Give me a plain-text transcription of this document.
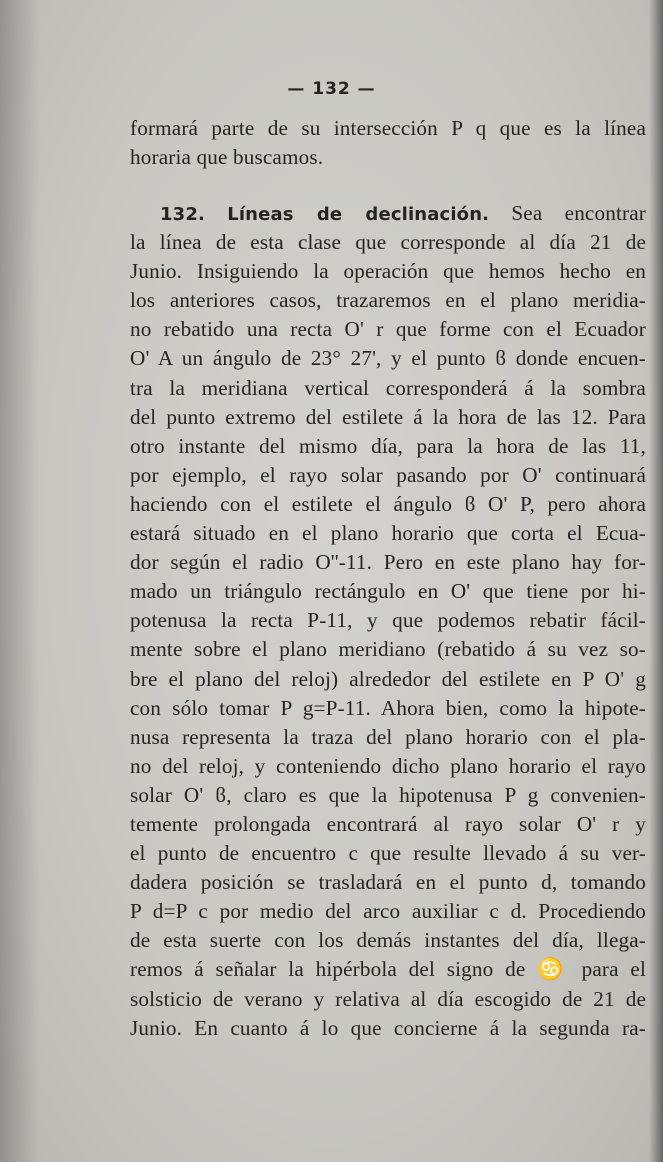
— 132 —
formará parte de su intersección P q que es la línea
horaria que buscamos.
132. Líneas de declinación. Sea encontrar
la línea de esta clase que corresponde al día 21 de
Junio. Insiguiendo la operación que hemos hecho en
los anteriores casos, trazaremos en el plano meridia-
no rebatido una recta O' r que forme con el Ecuador
O' A un ángulo de 23° 27', y el punto ϐ donde encuen-
tra la meridiana vertical corresponderá á la sombra
del punto extremo del estilete á la hora de las 12. Para
otro instante del mismo día, para la hora de las 11,
por ejemplo, el rayo solar pasando por O' continuará
haciendo con el estilete el ángulo ϐ O' P, pero ahora
estará situado en el plano horario que corta el Ecua-
dor según el radio O''-11. Pero en este plano hay for-
mado un triángulo rectángulo en O' que tiene por hi-
potenusa la recta P-11, y que podemos rebatir fácil-
mente sobre el plano meridiano (rebatido á su vez so-
bre el plano del reloj) alrededor del estilete en P O' g
con sólo tomar P g=P-11. Ahora bien, como la hipote-
nusa representa la traza del plano horario con el pla-
no del reloj, y conteniendo dicho plano horario el rayo
solar O' ϐ, claro es que la hipotenusa P g convenien-
temente prolongada encontrará al rayo solar O' r y
el punto de encuentro c que resulte llevado á su ver-
dadera posición se trasladará en el punto d, tomando
P d=P c por medio del arco auxiliar c d. Procediendo
de esta suerte con los demás instantes del día, llega-
remos á señalar la hipérbola del signo de ♋ para el
solsticio de verano y relativa al día escogido de 21 de
Junio. En cuanto á lo que concierne á la segunda ra-
